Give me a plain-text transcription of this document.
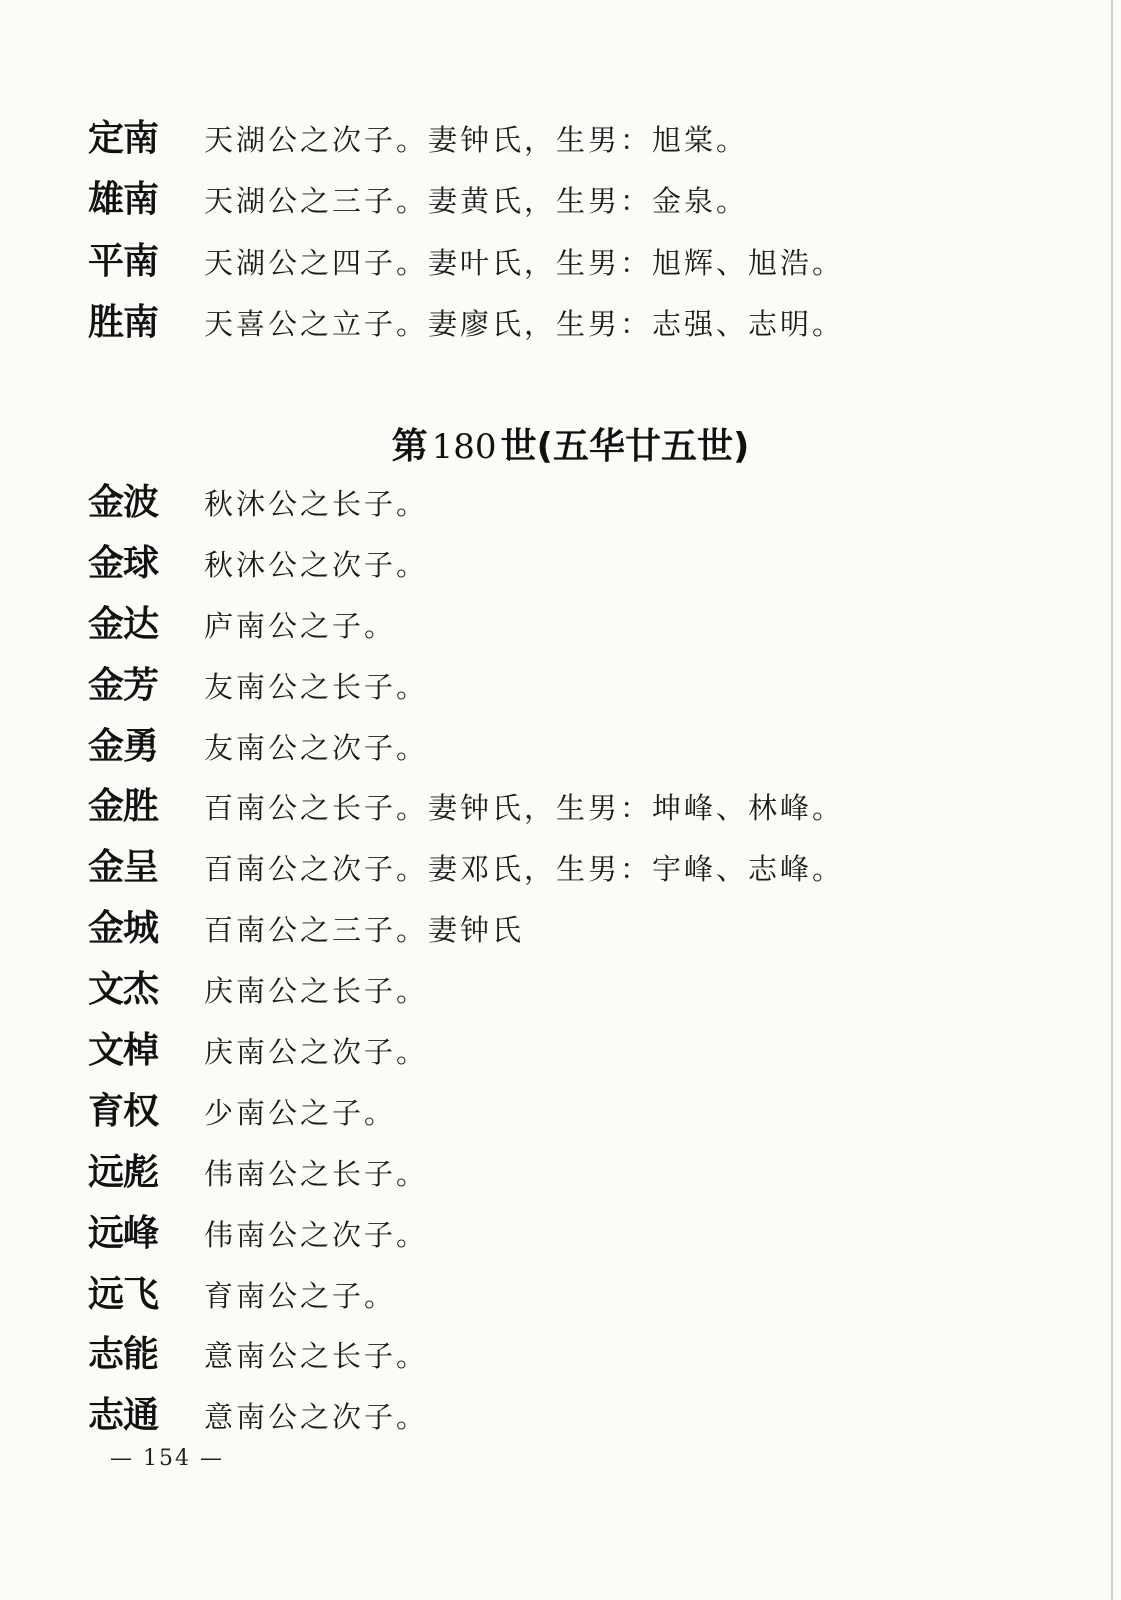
定南	天湖公之次子。妻钟氏，生男：旭棠。
雄南	天湖公之三子。妻黄氏，生男：金泉。
平南	天湖公之四子。妻叶氏，生男：旭辉、旭浩。
胜南	天喜公之立子。妻廖氏，生男：志强、志明。
第 180 世(五华廿五世)
金波	秋沐公之长子。
金球	秋沐公之次子。
金达	庐南公之子。
金芳	友南公之长子。
金勇	友南公之次子。
金胜	百南公之长子。妻钟氏，生男：坤峰、林峰。
金呈	百南公之次子。妻邓氏，生男：宇峰、志峰。
金城	百南公之三子。妻钟氏
文杰	庆南公之长子。
文棹	庆南公之次子。
育权	少南公之子。
远彪	伟南公之长子。
远峰	伟南公之次子。
远飞	育南公之子。
志能	意南公之长子。
志通	意南公之次子。
— 154 —
